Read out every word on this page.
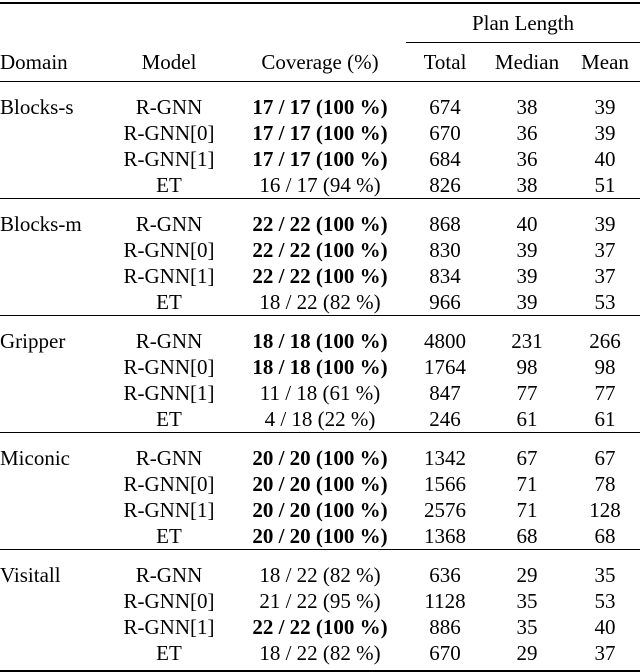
			Plan Length		
Domain	Model	Coverage (%)	Total	Median	Mean

Blocks-s	R-GNN	17 / 17 (100 %)	674	38	39
	R-GNN[0]	17 / 17 (100 %)	670	36	39
	R-GNN[1]	17 / 17 (100 %)	684	36	40
	ET	16 / 17 (94 %)	826	38	51

Blocks-m	R-GNN	22 / 22 (100 %)	868	40	39
	R-GNN[0]	22 / 22 (100 %)	830	39	37
	R-GNN[1]	22 / 22 (100 %)	834	39	37
	ET	18 / 22 (82 %)	966	39	53

Gripper	R-GNN	18 / 18 (100 %)	4800	231	266
	R-GNN[0]	18 / 18 (100 %)	1764	98	98
	R-GNN[1]	11 / 18 (61 %)	847	77	77
	ET	4 / 18 (22 %)	246	61	61

Miconic	R-GNN	20 / 20 (100 %)	1342	67	67
	R-GNN[0]	20 / 20 (100 %)	1566	71	78
	R-GNN[1]	20 / 20 (100 %)	2576	71	128
	ET	20 / 20 (100 %)	1368	68	68

Visitall	R-GNN	18 / 22 (82 %)	636	29	35
	R-GNN[0]	21 / 22 (95 %)	1128	35	53
	R-GNN[1]	22 / 22 (100 %)	886	35	40
	ET	18 / 22 (82 %)	670	29	37
